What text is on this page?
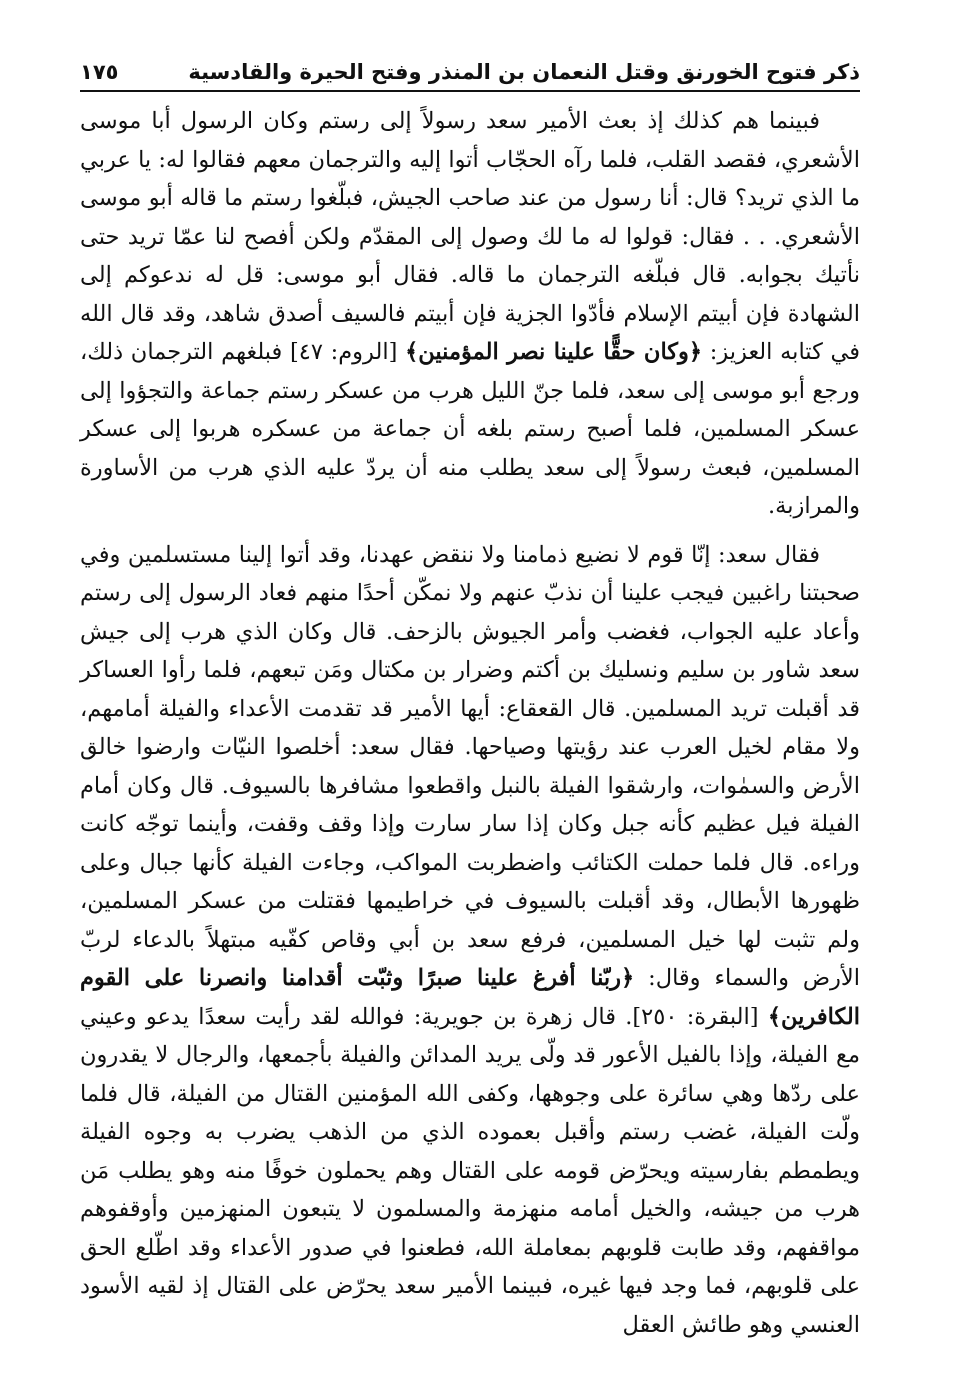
ذكر فتوح الخورنق وقتل النعمان بن المنذر وفتح الحيرة والقادسية
١٧٥

فبينما هم كذلك إذ بعث الأمير سعد رسولاً إلى رستم وكان الرسول أبا موسى الأشعري، فقصد القلب، فلما رآه الحجّاب أتوا إليه والترجمان معهم فقالوا له: يا عربي ما الذي تريد؟ قال: أنا رسول من عند صاحب الجيش، فبلّغوا رستم ما قاله أبو موسى الأشعري. . . فقال: قولوا له ما لك وصول إلى المقدّم ولكن أفصح لنا عمّا تريد حتى نأتيك بجوابه. قال فبلّغه الترجمان ما قاله. فقال أبو موسى: قل له ندعوكم إلى الشهادة فإن أبيتم الإسلام فأدّوا الجزية فإن أبيتم فالسيف أصدق شاهد، وقد قال الله في كتابه العزيز: ﴿وكان حقًّا علينا نصر المؤمنين﴾ [الروم: ٤٧] فبلغهم الترجمان ذلك، ورجع أبو موسى إلى سعد، فلما جنّ الليل هرب من عسكر رستم جماعة والتجؤوا إلى عسكر المسلمين، فلما أصبح رستم بلغه أن جماعة من عسكره هربوا إلى عسكر المسلمين، فبعث رسولاً إلى سعد يطلب منه أن يردّ عليه الذي هرب من الأساورة والمرازبة.

فقال سعد: إنّا قوم لا نضيع ذمامنا ولا ننقض عهدنا، وقد أتوا إلينا مستسلمين وفي صحبتنا راغبين فيجب علينا أن نذبّ عنهم ولا نمكّن أحدًا منهم فعاد الرسول إلى رستم وأعاد عليه الجواب، فغضب وأمر الجيوش بالزحف. قال وكان الذي هرب إلى جيش سعد شاور بن سليم ونسليك بن أكتم وضرار بن مكتال ومَن تبعهم، فلما رأوا العساكر قد أقبلت تريد المسلمين. قال القعقاع: أيها الأمير قد تقدمت الأعداء والفيلة أمامهم، ولا مقام لخيل العرب عند رؤيتها وصياحها. فقال سعد: أخلصوا النيّات وارضوا خالق الأرض والسمٰوات، وارشقوا الفيلة بالنبل واقطعوا مشافرها بالسيوف. قال وكان أمام الفيلة فيل عظيم كأنه جبل وكان إذا سار سارت وإذا وقف وقفت، وأينما توجّه كانت وراءه. قال فلما حملت الكتائب واضطربت المواكب، وجاءت الفيلة كأنها جبال وعلى ظهورها الأبطال، وقد أقبلت بالسيوف في خراطيمها فقتلت من عسكر المسلمين، ولم تثبت لها خيل المسلمين، فرفع سعد بن أبي وقاص كفّيه مبتهلاً بالدعاء لربّ الأرض والسماء وقال: ﴿ربّنا أفرغ علينا صبرًا وثبّت أقدامنا وانصرنا على القوم الكافرين﴾ [البقرة: ٢٥٠]. قال زهرة بن جويرية: فوالله لقد رأيت سعدًا يدعو وعيني مع الفيلة، وإذا بالفيل الأعور قد ولّى يريد المدائن والفيلة بأجمعها، والرجال لا يقدرون على ردّها وهي سائرة على وجوهها، وكفى الله المؤمنين القتال من الفيلة، قال فلما ولّت الفيلة، غضب رستم وأقبل بعموده الذي من الذهب يضرب به وجوه الفيلة ويطمطم بفارسيته ويحرّض قومه على القتال وهم يحملون خوفًا منه وهو يطلب مَن هرب من جيشه، والخيل أمامه منهزمة والمسلمون لا يتبعون المنهزمين وأوقفوهم مواقفهم، وقد طابت قلوبهم بمعاملة الله، فطعنوا في صدور الأعداء وقد اطّلع الحق على قلوبهم، فما وجد فيها غيره، فبينما الأمير سعد يحرّض على القتال إذ لقيه الأسود العنسي وهو طائش العقل
